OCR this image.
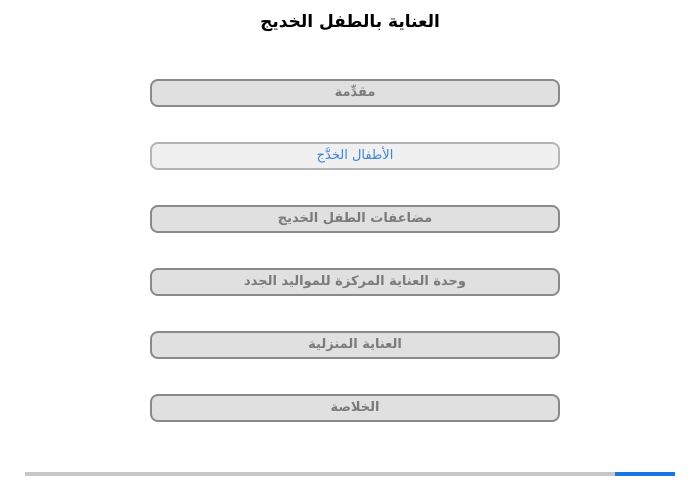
العناية بالطفل الخديج
مقدِّمة
الأطفال الخدَّج
مضاعفات الطفل الخديج
وحدة العناية المركزة للمواليد الجدد
العناية المنزلية
الخلاصة
